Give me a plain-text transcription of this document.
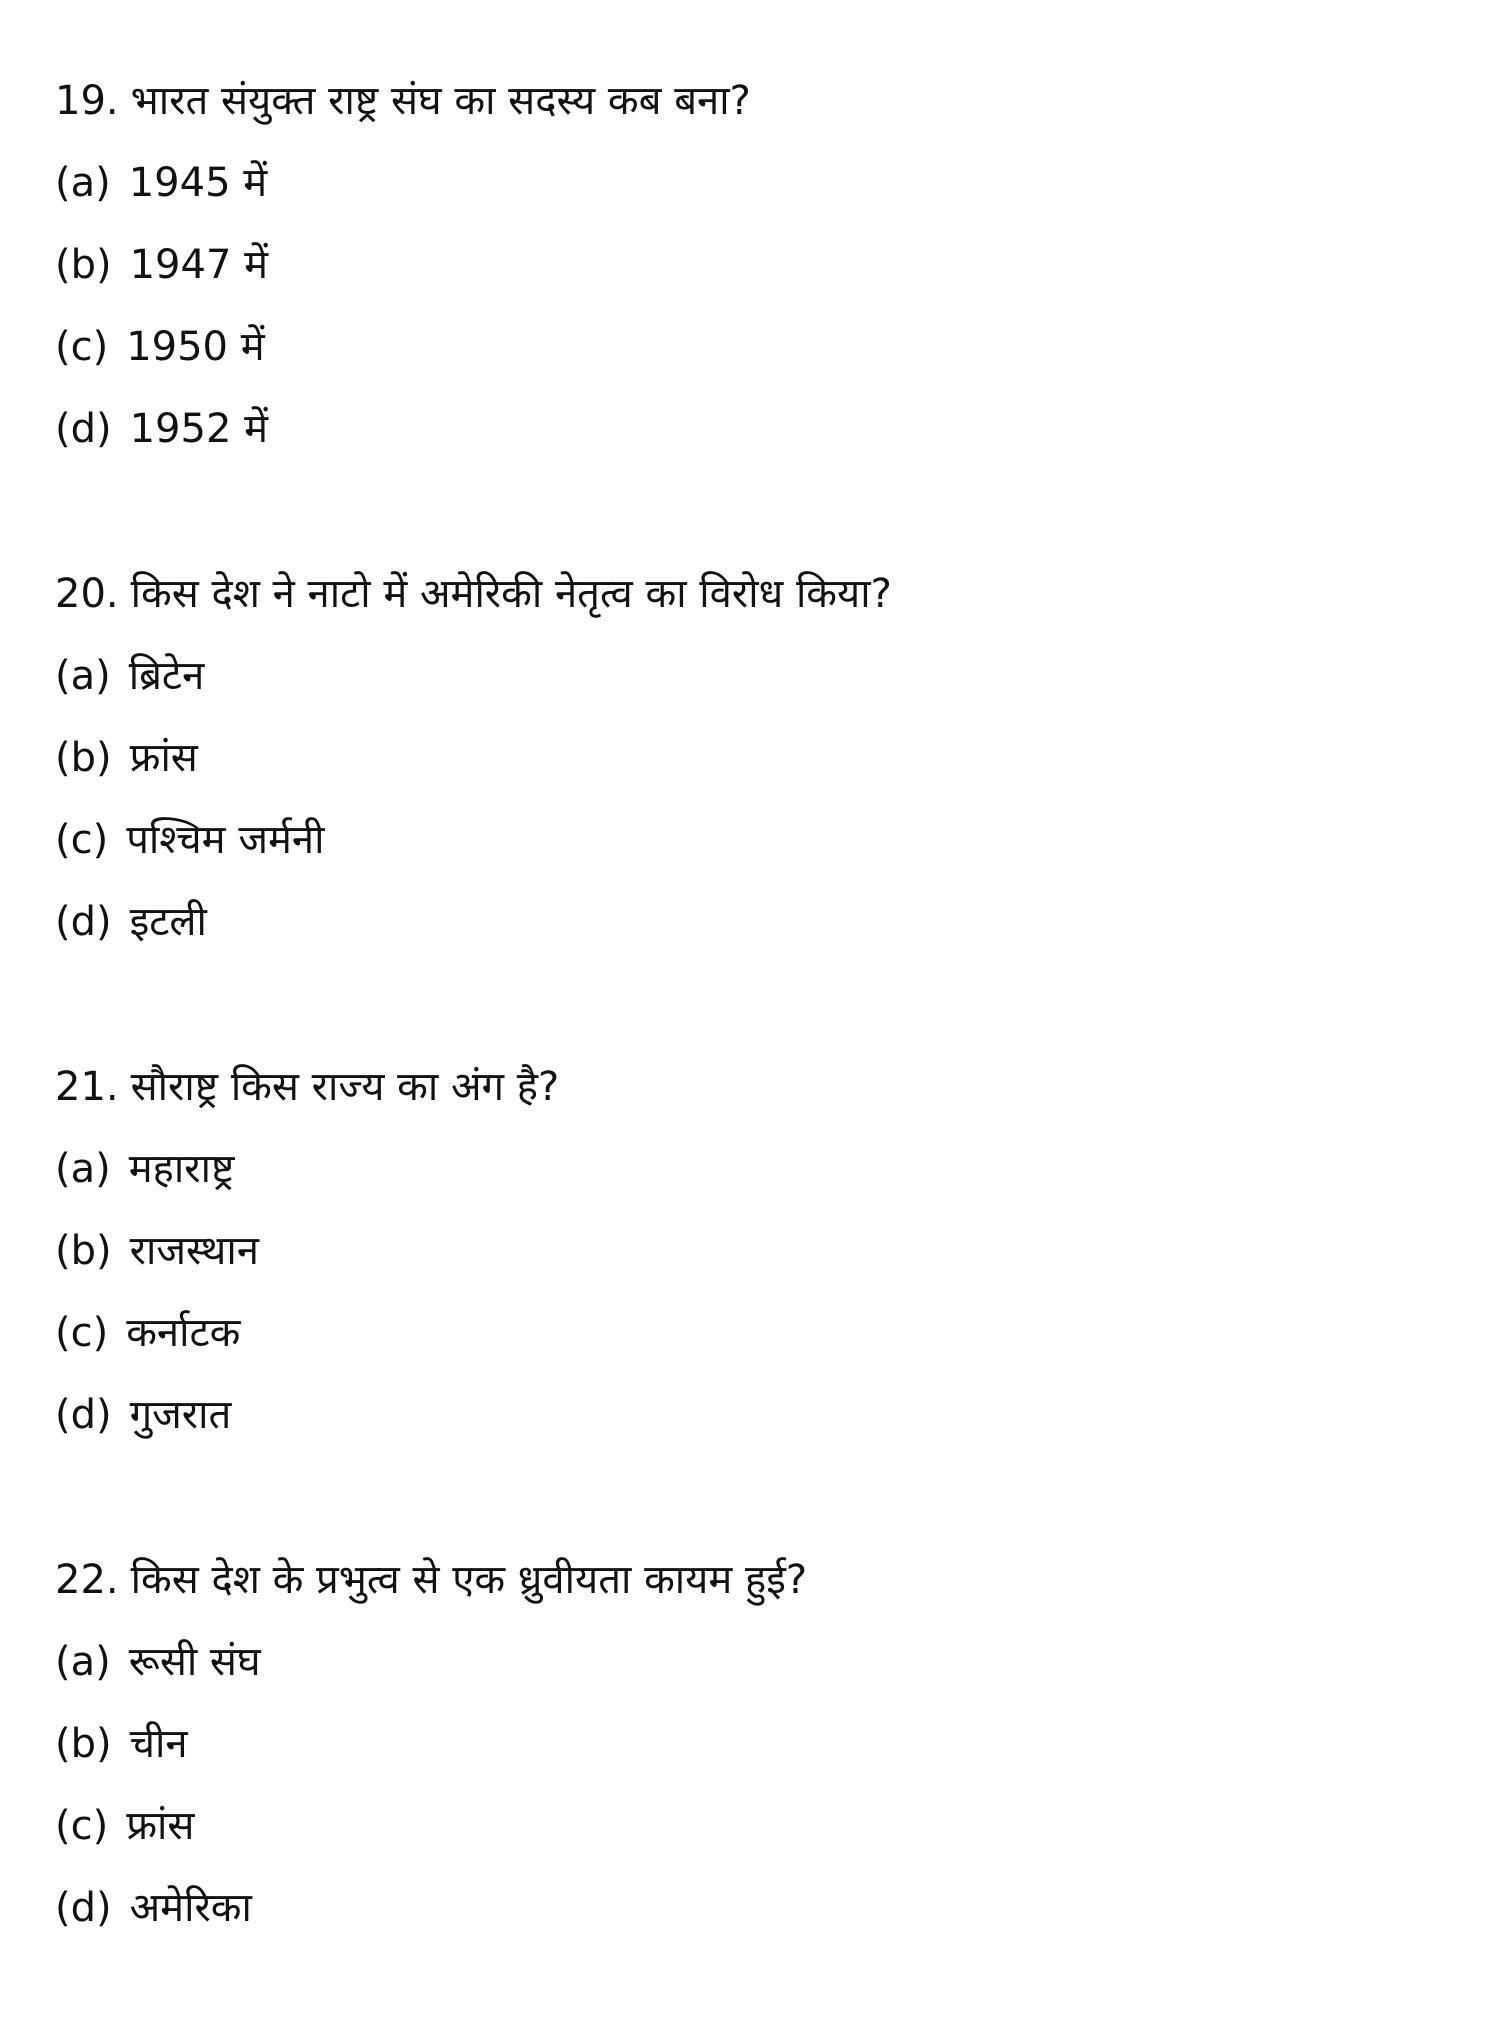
19. भारत संयुक्त राष्ट्र संघ का सदस्य कब बना?
(a) 1945 में
(b) 1947 में
(c) 1950 में
(d) 1952 में
20. किस देश ने नाटो में अमेरिकी नेतृत्व का विरोध किया?
(a) ब्रिटेन
(b) फ्रांस
(c) पश्चिम जर्मनी
(d) इटली
21. सौराष्ट्र किस राज्य का अंग है?
(a) महाराष्ट्र
(b) राजस्थान
(c) कर्नाटक
(d) गुजरात
22. किस देश के प्रभुत्व से एक ध्रुवीयता कायम हुई?
(a) रूसी संघ
(b) चीन
(c) फ्रांस
(d) अमेरिका
